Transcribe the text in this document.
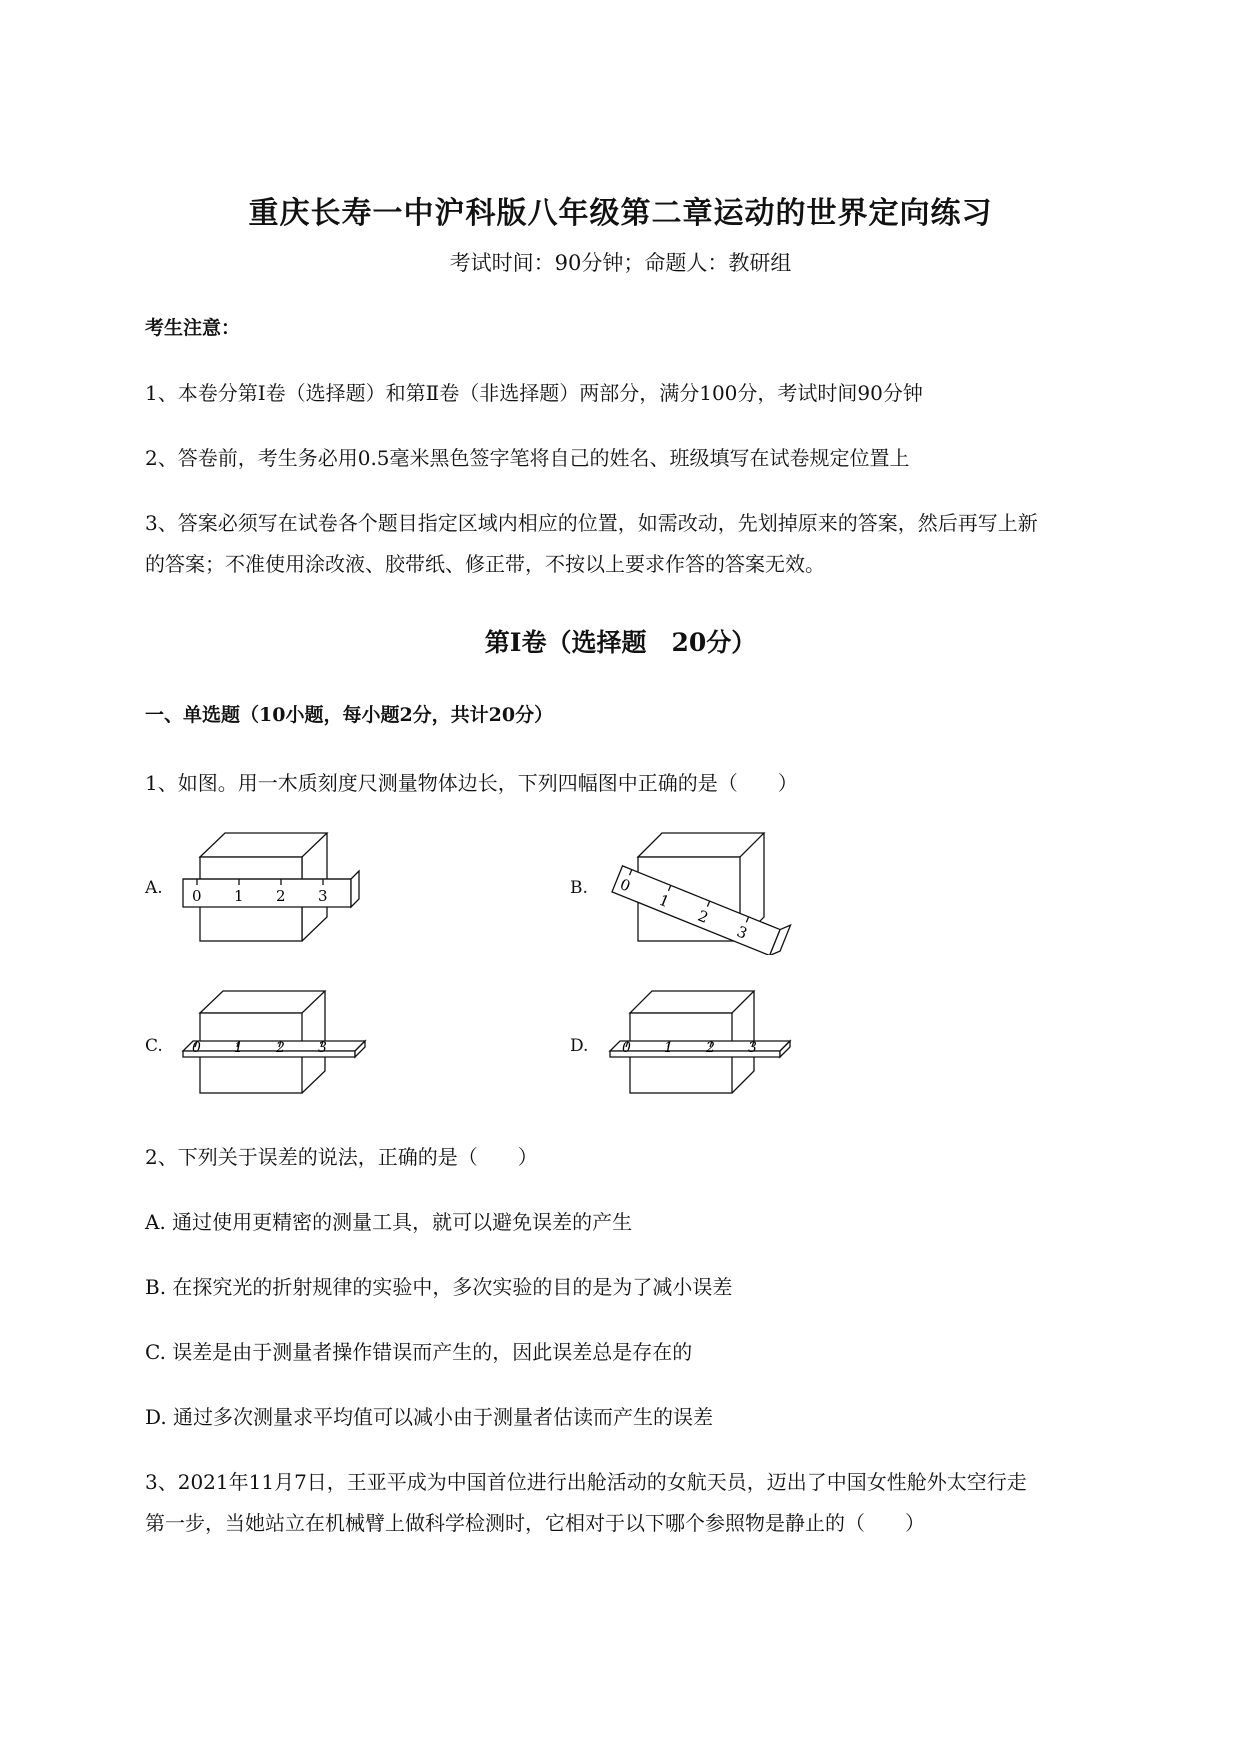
重庆长寿一中沪科版八年级第二章运动的世界定向练习
考试时间：90分钟；命题人：教研组
考生注意：
1、本卷分第I卷（选择题）和第Ⅱ卷（非选择题）两部分，满分100分，考试时间90分钟
2、答卷前，考生务必用0.5毫米黑色签字笔将自己的姓名、班级填写在试卷规定位置上
3、答案必须写在试卷各个题目指定区域内相应的位置，如需改动，先划掉原来的答案，然后再写上新
的答案；不准使用涂改液、胶带纸、修正带，不按以上要求作答的答案无效。
第I卷（选择题　20分）
一、单选题（10小题，每小题2分，共计20分）
1、如图。用一木质刻度尺测量物体边长，下列四幅图中正确的是（　　）
A. 0 1 2 3	B. 0
1
2
3
C. 0 1 2 3	D. 0 1 2 3
2、下列关于误差的说法，正确的是（　　）
A. 通过使用更精密的测量工具，就可以避免误差的产生
B. 在探究光的折射规律的实验中，多次实验的目的是为了减小误差
C. 误差是由于测量者操作错误而产生的，因此误差总是存在的
D. 通过多次测量求平均值可以减小由于测量者估读而产生的误差
3、2021年11月7日，王亚平成为中国首位进行出舱活动的女航天员，迈出了中国女性舱外太空行走
第一步，当她站立在机械臂上做科学检测时，它相对于以下哪个参照物是静止的（　　）
